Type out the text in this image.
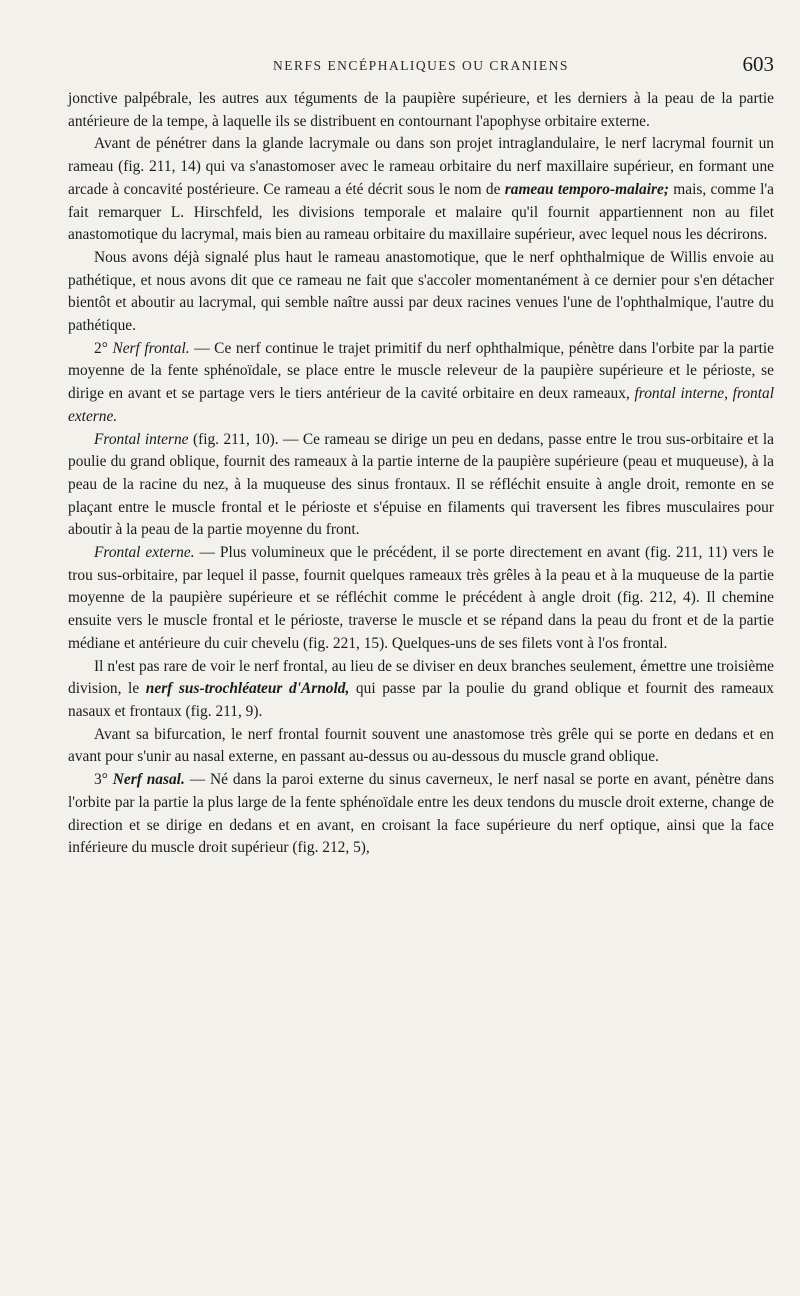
NERFS ENCÉPHALIQUES OU CRANIENS	603

jonctive palpébrale, les autres aux téguments de la paupière supérieure, et les derniers à la peau de la partie antérieure de la tempe, à laquelle ils se distribuent en contournant l'apophyse orbitaire externe.

Avant de pénétrer dans la glande lacrymale ou dans son projet intraglandulaire, le nerf lacrymal fournit un rameau (fig. 211, 14) qui va s'anastomoser avec le rameau orbitaire du nerf maxillaire supérieur, en formant une arcade à concavité postérieure. Ce rameau a été décrit sous le nom de rameau temporo-malaire; mais, comme l'a fait remarquer L. Hirschfeld, les divisions temporale et malaire qu'il fournit appartiennent non au filet anastomotique du lacrymal, mais bien au rameau orbitaire du maxillaire supérieur, avec lequel nous les décrirons.

Nous avons déjà signalé plus haut le rameau anastomotique, que le nerf ophthalmique de Willis envoie au pathétique, et nous avons dit que ce rameau ne fait que s'accoler momentanément à ce dernier pour s'en détacher bientôt et aboutir au lacrymal, qui semble naître aussi par deux racines venues l'une de l'ophthalmique, l'autre du pathétique.

2° Nerf frontal. — Ce nerf continue le trajet primitif du nerf ophthalmique, pénètre dans l'orbite par la partie moyenne de la fente sphénoïdale, se place entre le muscle releveur de la paupière supérieure et le périoste, se dirige en avant et se partage vers le tiers antérieur de la cavité orbitaire en deux rameaux, frontal interne, frontal externe.

Frontal interne (fig. 211, 10). — Ce rameau se dirige un peu en dedans, passe entre le trou sus-orbitaire et la poulie du grand oblique, fournit des rameaux à la partie interne de la paupière supérieure (peau et muqueuse), à la peau de la racine du nez, à la muqueuse des sinus frontaux. Il se réfléchit ensuite à angle droit, remonte en se plaçant entre le muscle frontal et le périoste et s'épuise en filaments qui traversent les fibres musculaires pour aboutir à la peau de la partie moyenne du front.

Frontal externe. — Plus volumineux que le précédent, il se porte directement en avant (fig. 211, 11) vers le trou sus-orbitaire, par lequel il passe, fournit quelques rameaux très grêles à la peau et à la muqueuse de la partie moyenne de la paupière supérieure et se réfléchit comme le précédent à angle droit (fig. 212, 4). Il chemine ensuite vers le muscle frontal et le périoste, traverse le muscle et se répand dans la peau du front et de la partie médiane et antérieure du cuir chevelu (fig. 221, 15). Quelques-uns de ses filets vont à l'os frontal.

Il n'est pas rare de voir le nerf frontal, au lieu de se diviser en deux branches seulement, émettre une troisième division, le nerf sus-trochléateur d'Arnold, qui passe par la poulie du grand oblique et fournit des rameaux nasaux et frontaux (fig. 211, 9).

Avant sa bifurcation, le nerf frontal fournit souvent une anastomose très grêle qui se porte en dedans et en avant pour s'unir au nasal externe, en passant au-dessus ou au-dessous du muscle grand oblique.

3° Nerf nasal. — Né dans la paroi externe du sinus caverneux, le nerf nasal se porte en avant, pénètre dans l'orbite par la partie la plus large de la fente sphénoïdale entre les deux tendons du muscle droit externe, change de direction et se dirige en dedans et en avant, en croisant la face supérieure du nerf optique, ainsi que la face inférieure du muscle droit supérieur (fig. 212, 5),
